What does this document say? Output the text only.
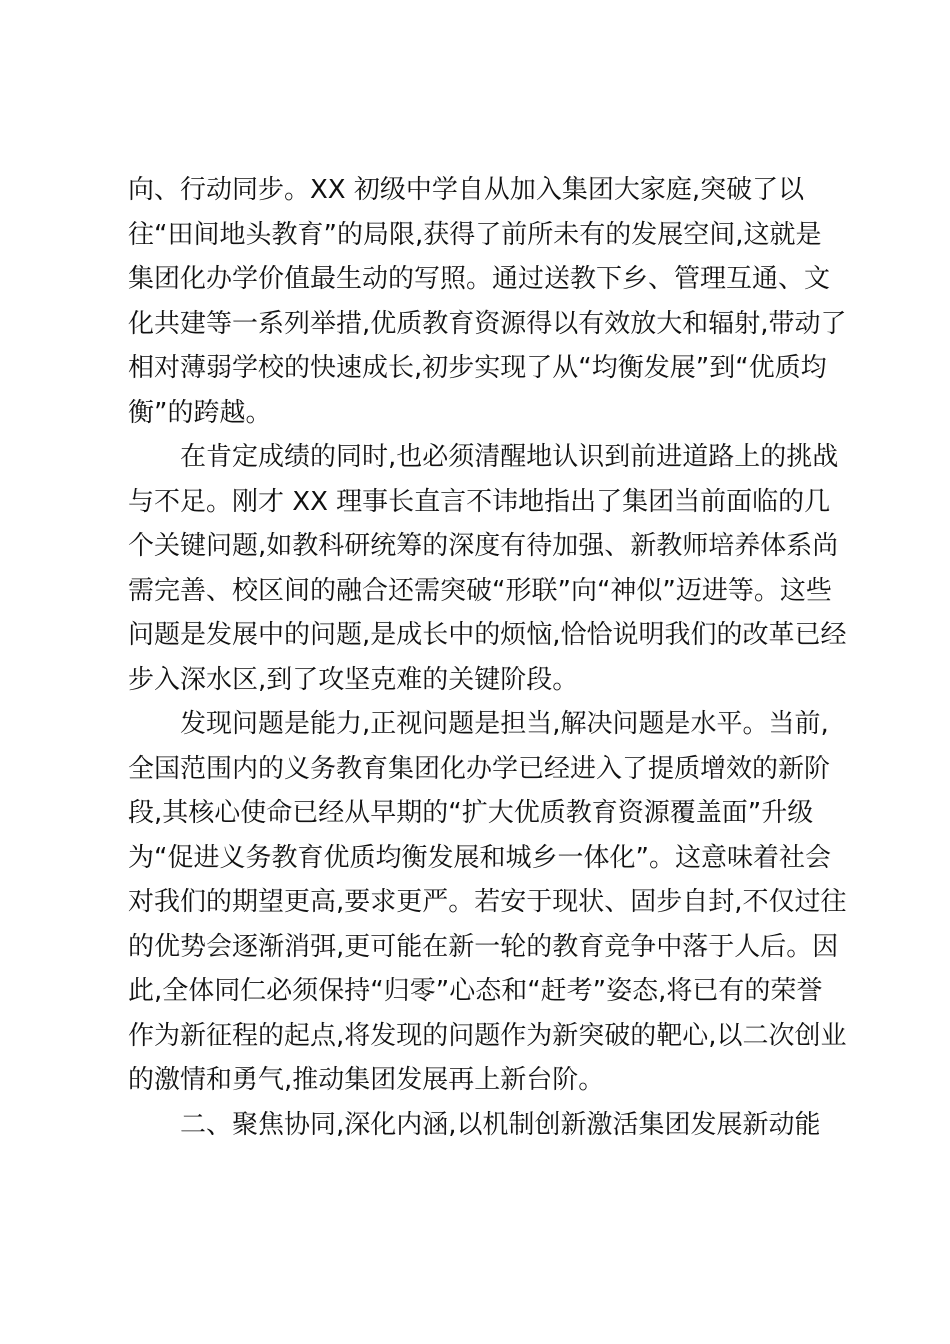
向、行动同步。XX 初级中学自从加入集团大家庭,突破了以
往“田间地头教育”的局限,获得了前所未有的发展空间,这就是
集团化办学价值最生动的写照。通过送教下乡、管理互通、文
化共建等一系列举措,优质教育资源得以有效放大和辐射,带动了
相对薄弱学校的快速成长,初步实现了从“均衡发展”到“优质均
衡”的跨越。
在肯定成绩的同时,也必须清醒地认识到前进道路上的挑战
与不足。刚才 XX 理事长直言不讳地指出了集团当前面临的几
个关键问题,如教科研统筹的深度有待加强、新教师培养体系尚
需完善、校区间的融合还需突破“形联”向“神似”迈进等。这些
问题是发展中的问题,是成长中的烦恼,恰恰说明我们的改革已经
步入深水区,到了攻坚克难的关键阶段。
发现问题是能力,正视问题是担当,解决问题是水平。当前,
全国范围内的义务教育集团化办学已经进入了提质增效的新阶
段,其核心使命已经从早期的“扩大优质教育资源覆盖面”升级
为“促进义务教育优质均衡发展和城乡一体化”。这意味着社会
对我们的期望更高,要求更严。若安于现状、固步自封,不仅过往
的优势会逐渐消弭,更可能在新一轮的教育竞争中落于人后。因
此,全体同仁必须保持“归零”心态和“赶考”姿态,将已有的荣誉
作为新征程的起点,将发现的问题作为新突破的靶心,以二次创业
的激情和勇气,推动集团发展再上新台阶。
二、聚焦协同,深化内涵,以机制创新激活集团发展新动能
